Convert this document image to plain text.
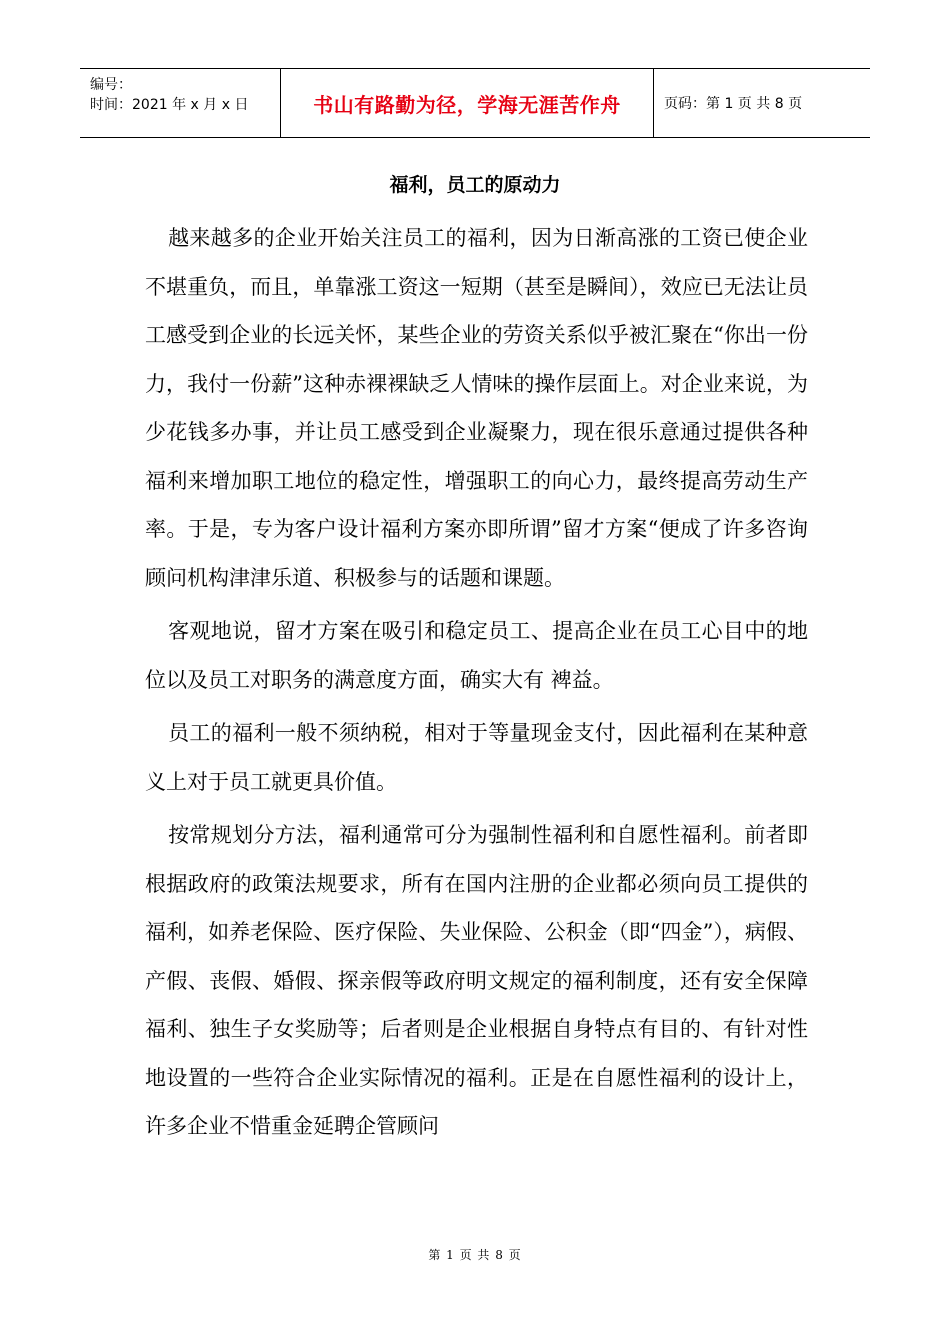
编号：
时间：2021 年 x 月 x 日	书山有路勤为径，学海无涯苦作舟	页码：第 1 页 共 8 页
福利，员工的原动力

越来越多的企业开始关注员工的福利，因为日渐高涨的工资已使企业不堪重负，而且，单靠涨工资这一短期（甚至是瞬间），效应已无法让员工感受到企业的长远关怀，某些企业的劳资关系似乎被汇聚在“你出一份力，我付一份薪”这种赤裸裸缺乏人情味的操作层面上。对企业来说，为少花钱多办事，并让员工感受到企业凝聚力，现在很乐意通过提供各种福利来增加职工地位的稳定性，增强职工的向心力，最终提高劳动生产率。于是，专为客户设计福利方案亦即所谓”留才方案“便成了许多咨询顾问机构津津乐道、积极参与的话题和课题。

客观地说，留才方案在吸引和稳定员工、提高企业在员工心目中的地位以及员工对职务的满意度方面，确实大有 裨益。

员工的福利一般不须纳税，相对于等量现金支付，因此福利在某种意义上对于员工就更具价值。

按常规划分方法，福利通常可分为强制性福利和自愿性福利。前者即根据政府的政策法规要求，所有在国内注册的企业都必须向员工提供的福利，如养老保险、医疗保险、失业保险、公积金（即“四金”），病假、产假、丧假、婚假、探亲假等政府明文规定的福利制度，还有安全保障福利、独生子女奖励等；后者则是企业根据自身特点有目的、有针对性地设置的一些符合企业实际情况的福利。正是在自愿性福利的设计上，许多企业不惜重金延聘企管顾问

第 1 页 共 8 页
